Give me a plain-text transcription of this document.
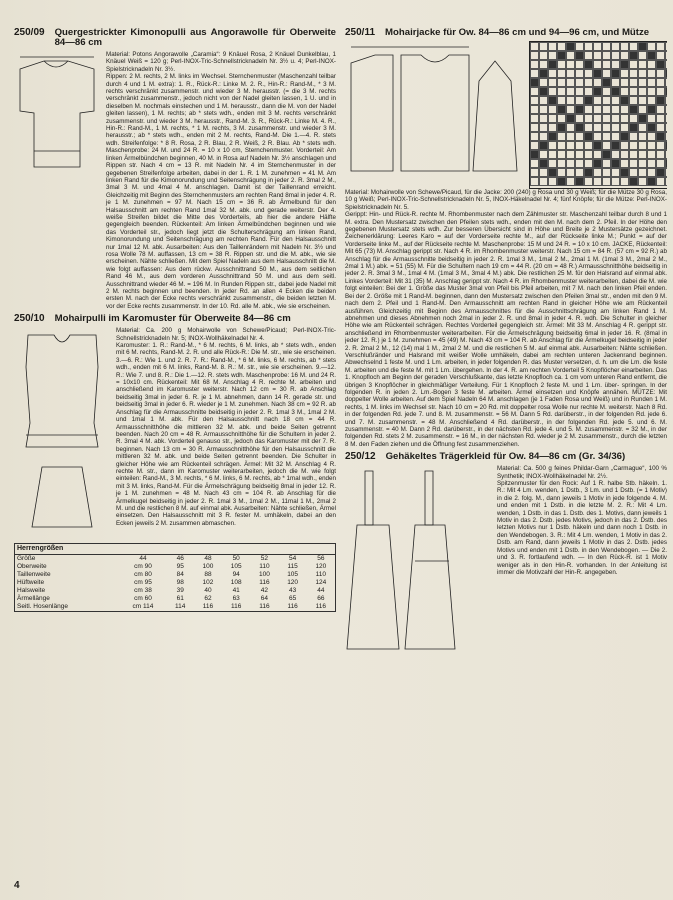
250/09 Quergestrickter Kimonopulli aus Angorawolle für Oberweite 84—86 cm

Material: Potons Angorawolle „Caramia“: 9 Knäuel Rosa, 2 Knäuel Dunkelblau, 1 Knäuel Weiß = 120 g; Perl-INOX-Tric-Schnellstricknadeln Nr. 3½ u. 4; Perl-INOX-Spielstricknadeln Nr. 3½.

Rippen: 2 M. rechts, 2 M. links im Wechsel. Sternchenmuster (Maschenzahl teilbar durch 4 und 1 M. extra): 1. R., Rück-R.: Linke M. 2. R., Hin-R.: Rand-M., * 3 M. rechts verschränkt zusammenstr. und wieder 3 M. herausstr. (= die 3 M. rechts verschränkt zusammenstr., jedoch nicht von der Nadel gleiten lassen, 1 U. und in dieselben M. nochmals einstechen und 1 M. herausstr., dann die M. von der Nadel gleiten lassen), 1 M. rechts; ab * stets wdh., enden mit 3 M. rechts verschränkt zusammenstr. und wieder 3 M. herausstr., Rand-M. 3. R., Rück-R.: Linke M. 4. R., Hin-R.: Rand-M., 1 M. rechts, * 1 M. rechts, 3 M. zusammenstr. und wieder 3 M. herausstr.; ab * stets wdh., enden mit 2 M. rechts, Rand-M. Die 1.—4. R. stets wdh. Streifenfolge: * 8 R. Rosa, 2 R. Blau, 2 R. Weiß, 2 R. Blau. Ab * stets wdh. Maschenprobe: 24 M. und 24 R. = 10 x 10 cm, Sternchenmuster. Vorderteil: Am linken Ärmelbündchen beginnen, 40 M. in Rosa auf Nadeln Nr. 3½ anschlagen und Rippen str. Nach 4 cm = 13 R. mit Nadeln Nr. 4 im Sternchenmuster in der gegebenen Streifenfolge arbeiten, dabei in der 1. R. 1 M. zunehmen = 41 M. Am linken Rand für die Kimonorundung und Seitenschrägung in jeder 2. R. 3mal 2 M., 3mal 3 M. und 4mal 4 M. anschlagen. Damit ist der Taillenrand erreicht. Gleichzeitig mit Beginn des Sternchenmusters am rechten Rand 8mal in jeder 4. R. je 1 M. zunehmen = 97 M. Nach 15 cm = 36 R. ab Ärmelbund für den Halsausschnitt am rechten Rand 1mal 32 M. abk. und gerade weiterstr. Der 4. weiße Streifen bildet die Mitte des Vorderteils, ab hier die andere Hälfte gegengleich beenden. Rückenteil: Am linken Ärmelbündchen beginnen und wie das Vorderteil str., jedoch liegt jetzt die Schulterschrägung am linken Rand, Kimonorundung und Seitenschrägung am rechten Rand. Für den Halsausschnitt nur 1mal 12 M. abk. Ausarbeiten: Aus den Taillenrändern mit Nadeln Nr. 3½ und rosa Wolle 78 M. auffassen, 13 cm = 38 R. Rippen str. und die M. abk., wie sie erscheinen. Nähte schließen. Mit dem Spiel Nadeln aus dem Halsausschnitt die M. wie folgt auffassen: Aus dem rückw. Ausschnittrand 50 M., aus dem seitlichen Rand 46 M., aus dem vorderen Ausschnittrand 50 M. und aus dem seitl. Ausschnittrand wieder 46 M. = 196 M. In Runden Rippen str., dabei jede Nadel mit 2 M. rechts beginnen und beenden. In jeder Rd. an allen 4 Ecken die beiden ersten M. nach der Ecke rechts verschränkt zusammenstr., die beiden letzten M. vor der Ecke rechts zusammenstr. In der 10. Rd. alle M. abk., wie sie erscheinen.

250/10 Mohairpulli im Karomuster für Oberweite 84—86 cm

Material: Ca. 200 g Mohairwolle von Schewe/Picaud; Perl-INOX-Tric-Schnellstricknadeln Nr. 5; INOX-Wollhäkelnadel Nr. 4.

Karomuster: 1. R.: Rand-M., * 6 M. rechts, 6 M. links, ab * stets wdh., enden mit 6 M. rechts, Rand-M. 2. R. und alle Rück-R.: Die M. str., wie sie erscheinen. 3.—6. R.: Wie 1. und 2. R. 7. R.: Rand-M., * 6 M. links, 6 M. rechts, ab * stets wdh., enden mit 6 M. links, Rand-M. 8. R.: M. str., wie sie erscheinen. 9.—12. R.: Wie 7. und 8. R.: Die 1.—12. R. stets wdh. Maschenprobe: 16 M. und 24 R. = 10x10 cm. Rückenteil: Mit 68 M. Anschlag 4 R. rechte M. arbeiten und anschließend im Karomuster weiterstr. Nach 12 cm = 30 R. ab Anschlag beidseitig 3mal in jeder 6. R. je 1 M. abnehmen, dann 14 R. gerade str. und beidseitig 3mal in jeder 6. R. wieder je 1 M. zunehmen. Nach 38 cm = 92 R. ab Anschlag für die Armausschnitte beidseitig in jeder 2. R. 1mal 3 M., 1mal 2 M. und 1mal 1 M. abk. Für den Halsausschnitt nach 18 cm = 44 R. Armausschnitthöhe die mittleren 32 M. abk. und beide Seiten getrennt beenden. Nach 20 cm = 48 R. Armausschnitthöhe für die Schultern in jeder 2. R. 3mal 4 M. abk. Vorderteil genauso str., jedoch das Karomuster mit der 7. R. beginnen. Nach 13 cm = 30 R. Armausschnitthöhe für den Halsausschnitt die mittleren 32 M. abk. und beide Seiten getrennt beenden. Die Schulter in gleicher Höhe wie am Rückenteil schrägen. Ärmel: Mit 32 M. Anschlag 4 R. rechte M. str., dann im Karomuster weiterarbeiten, jedoch die M. wie folgt einteilen: Rand-M., 3 M. rechts, * 6 M. links, 6 M. rechts, ab * 1mal wdh., enden mit 3 M. links, Rand-M. Für die Ärmelschrägung beidseitig 8mal in jeder 12. R. je 1 M. zunehmen = 48 M. Nach 43 cm = 104 R. ab Anschlag für die Ärmelkugel beidseitig in jeder 2. R. 1mal 3 M., 1mal 2 M., 11mal 1 M., 2mal 2 M. und die restlichen 8 M. auf einmal abk. Ausarbeiten: Nähte schließen, Ärmel einsetzen. Den Halsausschnitt mit 3 R. fester M. umhäkeln, dabei an den Ecken jeweils 2 M. zusammen abmaschen.

Herrengrößen							
Größe	44	46	48	50	52	54	56
Oberweite	cm 90	95	100	105	110	115	120
Taillenweite	cm 80	84	88	94	100	105	110
Hüftweite	cm 95	98	102	108	116	120	124
Halsweite	cm 38	39	40	41	42	43	44
Ärmellänge	cm 60	61	62	63	64	65	66
Seitl. Hosenlänge	cm 114	114	116	116	116	116	116
250/11 Mohairjacke für Ow. 84—86 cm und 94—96 cm, und Mütze

Material: Mohairwolle von Schewe/Picaud, für die Jacke: 200 (240) g Rosa und 30 g Weiß; für die Mütze 30 g Rosa, 10 g Weiß; Perl-INOX-Tric-Schnellstricknadeln Nr. 5, INOX-Häkelnadel Nr. 4; fünf Knöpfe; für die Mütze: Perl-INOX-Spielstricknadeln Nr. 5.

Gerippt: Hin- und Rück-R. rechte M. Rhombenmuster nach dem Zählmuster str. Maschenzahl teilbar durch 8 und 1 M. extra. Den Mustersatz zwischen den Pfeilen stets wdh., enden mit den M. nach dem 2. Pfeil. In der Höhe den gegebenen Mustersatz stets wdh. Zur besseren Übersicht sind in Höhe und Breite je 2 Mustersätze gezeichnet. Zeichenerklärung: Leeres Karo = auf der Vorderseite rechte M., auf der Rückseite linke M.; Punkt = auf der Vorderseite linke M., auf der Rückseite rechte M. Maschenprobe: 15 M und 24 R. = 10 x 10 cm. JACKE, Rückenteil: Mit 65 (73) M. Anschlag gerippt str. Nach 4 R. im Rhombenmuster weiterstr. Nach 15 cm = 84 R. (57 cm = 92 R.) ab Anschlag für die Armausschnitte beidseitig in jeder 2. R. 1mal 3 M., 1mal 2 M., 2mal 1 M. (1mal 3 M., 2mal 2 M., 2mal 1 M.) abk. = 51 (55) M. Für die Schultern nach 19 cm = 44 R. (20 cm = 48 R.) Armausschnitthöhe beidseitig in jeder 2. R. 3mal 3 M., 1mal 4 M. (1mal 3 M., 3mal 4 M.) abk. Die restlichen 25 M. für den Halsrand auf einmal abk. Linkes Vorderteil: Mit 31 (35) M. Anschlag gerippt str. Nach 4 R. im Rhombenmuster weiterarbeiten, dabei die M. wie folgt einteilen: Bei der 1. Größe das Muster 3mal von Pfeil bis Pfeil arbeiten, mit 7 M. nach den linken Pfeil enden. Bei der 2. Größe mit 1 Rand-M. beginnen, dann den Mustersatz zwischen den Pfeilen 3mal str., enden mit den 9 M. nach dem 2. Pfeil und 1 Rand-M. Den Armausschnitt am rechten Rand in gleicher Höhe wie am Rückenteil ausführen. Gleichzeitig mit Beginn des Armausschnittes für die Ausschnittschrägung am linken Rand 1 M. abnehmen und dieses Abnehmen noch 2mal in jeder 2. R. und 8mal in jeder 4. R. wdh. Die Schulter in gleicher Höhe wie am Rückenteil schrägen. Rechtes Vorderteil gegengleich str. Ärmel: Mit 33 M. Anschlag 4 R. gerippt str. anschließend im Rhombenmuster weiterarbeiten. Für die Ärmelschrägung beidseitig 6mal in jeder 16. R. (8mal in jeder 12. R.) je 1 M. zunehmen = 45 (49) M. Nach 43 cm = 104 R. ab Anschlag für die Ärmelkugel beidseitig in jeder 2. R. 2mal 2 M., 12 (14) mal 1 M., 2mal 2 M. und die restlichen 5 M. auf einmal abk. Ausarbeiten: Nähte schließen. Verschlußränder und Halsrand mit weißer Wolle umhäkeln, dabei am rechten unteren Jackenrand beginnen. Abwechselnd 1 feste M. und 1 Lm. arbeiten, in jeder folgenden R. das Muster versetzen, d. h. um die Lm. die feste M. arbeiten und die feste M. mit 1 Lm. übergehen. In der 4. R. am rechten Vorderteil 5 Knopflöcher einarbeiten. Das 1. Knopfloch am Beginn der geraden Verschlußkante, das letzte Knopfloch ca. 1 cm vom unteren Rand entfernt, die übrigen 3 Knopflöcher in gleichmäßiger Verteilung. Für 1 Knopfloch 2 feste M. und 1 Lm. über- springen. In der folgenden R. in jeden 2. Lm.-Bogen 3 feste M. arbeiten. Ärmel einsetzen und Knöpfe annähen. MÜTZE: Mit doppelter Wolle arbeiten. Auf dem Spiel Nadeln 64 M. anschlagen (je 1 Faden Rosa und Weiß) und in Runden 1 M. rechts, 1 M. links im Wechsel str. Nach 10 cm = 20 Rd. mit doppelter rosa Wolle nur rechte M. weiterstr. Nach 8 Rd. in der folgenden Rd. jede 7. und 8. M. zusammenstr. = 56 M. Dann 5 Rd. darüberstr., in der folgenden Rd. jede 6. und 7. M. zusammenstr. = 48 M. Anschließend 4 Rd. darüberstr., in der folgenden Rd. jede 5. und 6. M. zusammenstr. = 40 M. Dann 2 Rd. darüberstr., in der nächsten Rd. jede 4. und 5. M. zusammenstr. = 32 M., in der folgenden Rd. stets 2 M. zusammenstr. = 16 M., in der nächsten Rd. wieder je 2 M. zusammenstr., durch die letzten 8 M. den Faden ziehen und die Öffnung fest zusammenziehen.

250/12 Gehäkeltes Trägerkleid für Ow. 84—86 cm (Gr. 34/36)

Material: Ca. 500 g feines Phildar-Garn „Carmague“, 100 % Synthetik; INOX-Wollhäkelnadel Nr. 2½.

Spitzenmuster für den Rock: Auf 1 R. halbe Stb. häkeln. 1. R.: Mit 4 Lm. wenden, 1 Dstb., 3 Lm. und 1 Dstb. (= 1 Motiv) in die 2. folg. M., dann jeweils 1 Motiv in jede folgende 4. M. und enden mit 1 Dstb. in die letzte M. 2. R.: Mit 4 Lm. wenden, 1 Dstb. in das 1. Dstb. des 1. Motivs, dann jeweils 1 Motiv in das 2. Dstb. jedes Motivs, jedoch in das 2. Dstb. des letzten Motivs nur 1 Dstb. häkeln und dann noch 1 Dstb. in den Wendebogen. 3. R.: Mit 4 Lm. wenden, 1 Motiv in das 2. Dstb. am Rand, dann jeweils 1 Motiv in das 2. Dstb. jedes Motivs und enden mit 1 Dstb. in den Wendebogen. — Die 2. und 3. R. fortlaufend wdh. — In den Rück-R. ist 1 Motiv weniger als in den Hin-R. vorhanden. In der Anleitung ist immer die Motivzahl der Hin-R. angegeben.

4
